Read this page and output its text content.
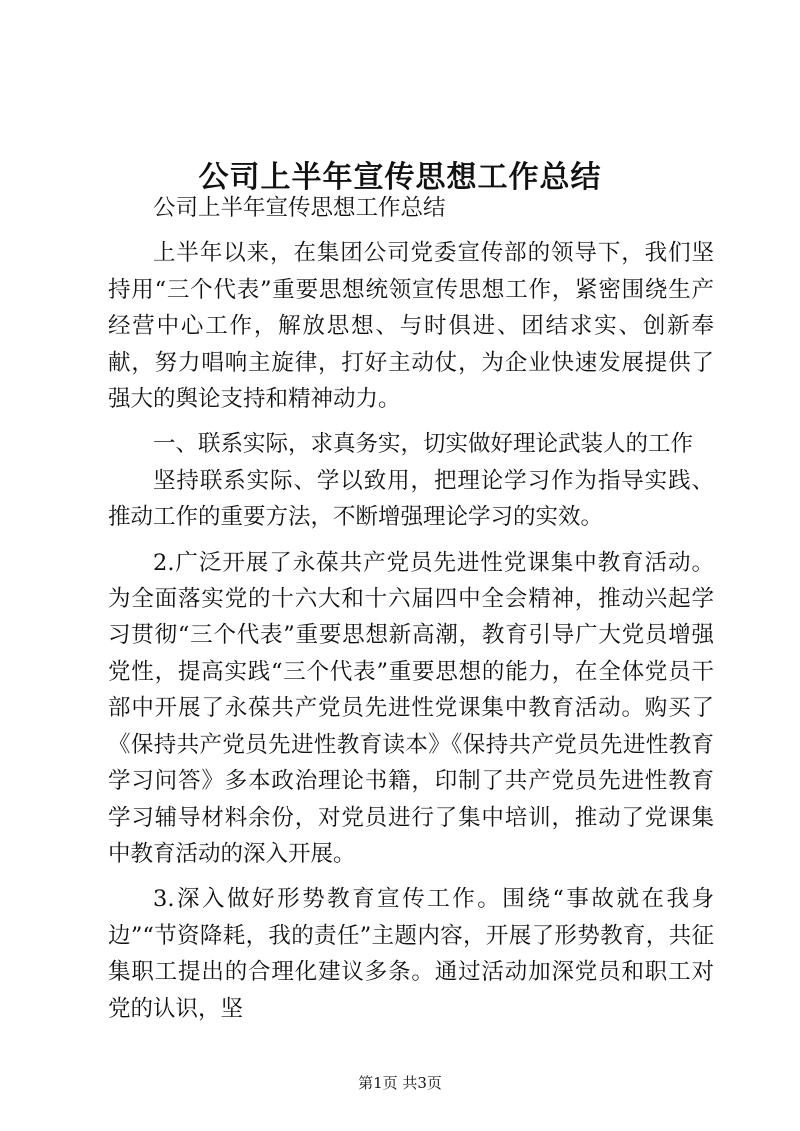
公司上半年宣传思想工作总结

公司上半年宣传思想工作总结

上半年以来，在集团公司党委宣传部的领导下，我们坚持用“三个代表”重要思想统领宣传思想工作，紧密围绕生产经营中心工作，解放思想、与时俱进、团结求实、创新奉献，努力唱响主旋律，打好主动仗，为企业快速发展提供了强大的舆论支持和精神动力。

一、联系实际，求真务实，切实做好理论武装人的工作

坚持联系实际、学以致用，把理论学习作为指导实践、推动工作的重要方法，不断增强理论学习的实效。

2.广泛开展了永葆共产党员先进性党课集中教育活动。为全面落实党的十六大和十六届四中全会精神，推动兴起学习贯彻“三个代表”重要思想新高潮，教育引导广大党员增强党性，提高实践“三个代表”重要思想的能力，在全体党员干部中开展了永葆共产党员先进性党课集中教育活动。购买了《保持共产党员先进性教育读本》《保持共产党员先进性教育学习问答》多本政治理论书籍，印制了共产党员先进性教育学习辅导材料余份，对党员进行了集中培训，推动了党课集中教育活动的深入开展。

3.深入做好形势教育宣传工作。围绕“事故就在我身边”“节资降耗，我的责任”主题内容，开展了形势教育，共征集职工提出的合理化建议多条。通过活动加深党员和职工对党的认识，坚

第1页 共3页
